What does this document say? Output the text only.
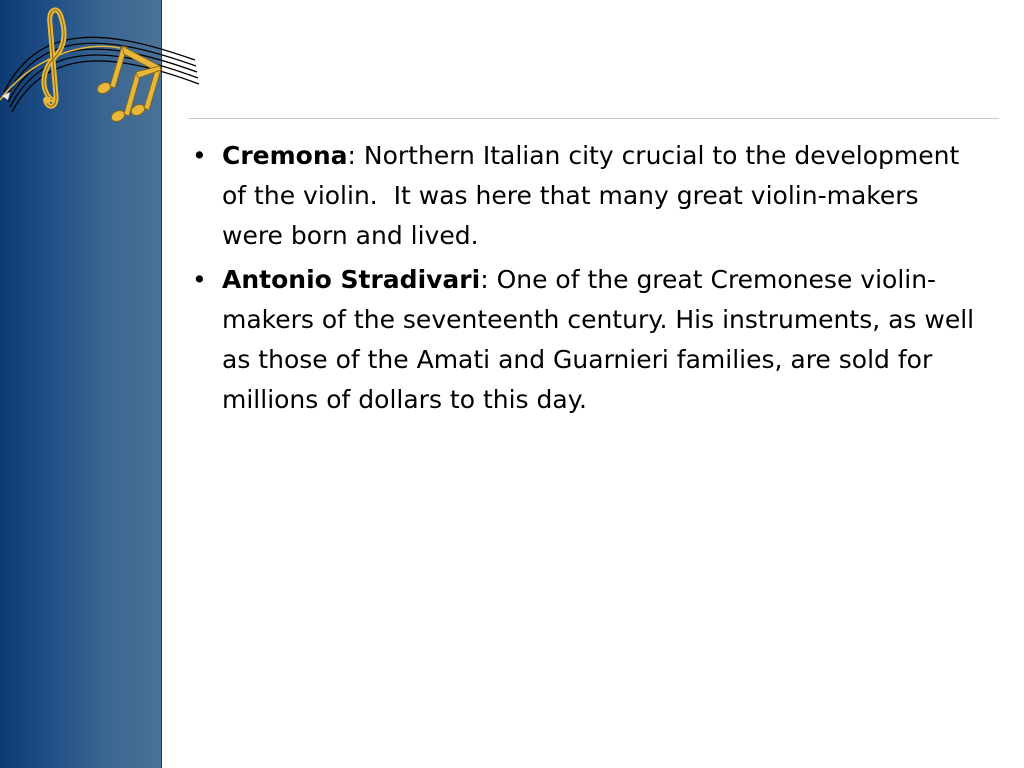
• Cremona: Northern Italian city crucial to the development of the violin.  It was here that many great violin-makers were born and lived.
• Antonio Stradivari: One of the great Cremonese violin-makers of the seventeenth century. His instruments, as well as those of the Amati and Guarnieri families, are sold for millions of dollars to this day.
